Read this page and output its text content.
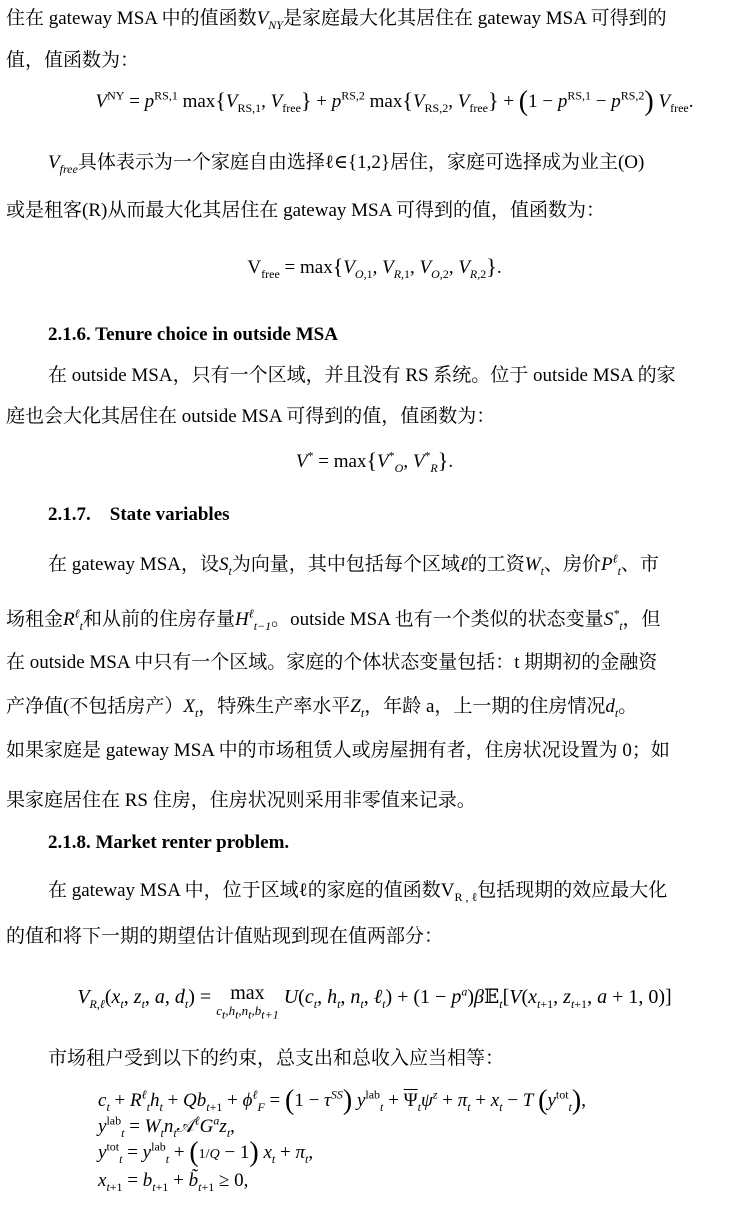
住在 gateway MSA 中的值函数$V_{NY}$是家庭最大化其居住在 gateway MSA 可得到的
值，值函数为：
$V^{NY} = p^{RS,1}$ $\max\{V_{RS,1}$, $V_{free}\} + p^{RS,2}$ $\max\{V_{RS,2}$, $V_{free}\} + (1 - p^{RS,1} - p^{RS,2})$ $V_{free}$.
$V_{free}$具体表示为一个家庭自由选择ℓ∈{1,2}居住，家庭可选择成为业主(O)
或是租客(R)从而最大化其居住在 gateway MSA 可得到的值，值函数为：
$V_{free} = \max\{V_{O,1}$, $V_{R,1}$, $V_{O,2}$, $V_{R,2}$}.
2.1.6. Tenure choice in outside MSA
在 outside MSA，只有一个区域，并且没有 RS 系统。位于 outside MSA 的家
庭也会大化其居住在 outside MSA 可得到的值，值函数为：
$V^* = \max\{V^*_O$, $V^*_R$}.
2.1.7.    State variables
在 gateway MSA，设$S_t$为向量，其中包括每个区域ℓ的工资$W_t$、房价$P^\ell_t$、市
场租金$R^\ell_t$和从前的住房存量$H^\ell_{t-1}$。outside MSA 也有一个类似的状态变量$S^*_t$，但
在 outside MSA 中只有一个区域。家庭的个体状态变量包括：t 期期初的金融资
产净值(不包括房产）$X_t$，特殊生产率水平$Z_t$，年龄 a，上一期的住房情况$d_t$。
如果家庭是 gateway MSA 中的市场租赁人或房屋拥有者，住房状况设置为 0；如
果家庭居住在 RS 住房，住房状况则采用非零值来记录。
2.1.8. Market renter problem.
在 gateway MSA 中，位于区域ℓ的家庭的值函数$V_{R , \ell}$包括现期的效应最大化
的值和将下一期的期望估计值贴现到现在值两部分：
$V_{R,\ell}(x_t$, $z_t$, a, $d_t) = \max$
$c_t,h_t,n_t,b_{t+1}$
$U(c_t$, $h_t$, $n_t$, ℓ$_t$) + $(1 - p^a)\beta 𝔼_t[V(x_{t+1}$, $z_{t+1}$, a + 1, 0)]
市场租户受到以下的约束，总支出和总收入应当相等：
$c_t + R^\ell_th_t + Qb_{t+1} + \phi^\ell_F = (1 - \tau^{SS}) y^{lab}_t + \overline{\Psi}_t\psi^z + \pi_t + x_t - T$ $(y^{tot}_t)$,
$y^{lab}_t$ = $W_tn_t𝒜^\ell G^az_t$,
$y^{tot}_t = y^{lab}_t + (1/Q - 1) x_t + \pi_t$,
$x_{t+1} = b_{t+1}$ + $b̃_{t+1} \ge 0$,
